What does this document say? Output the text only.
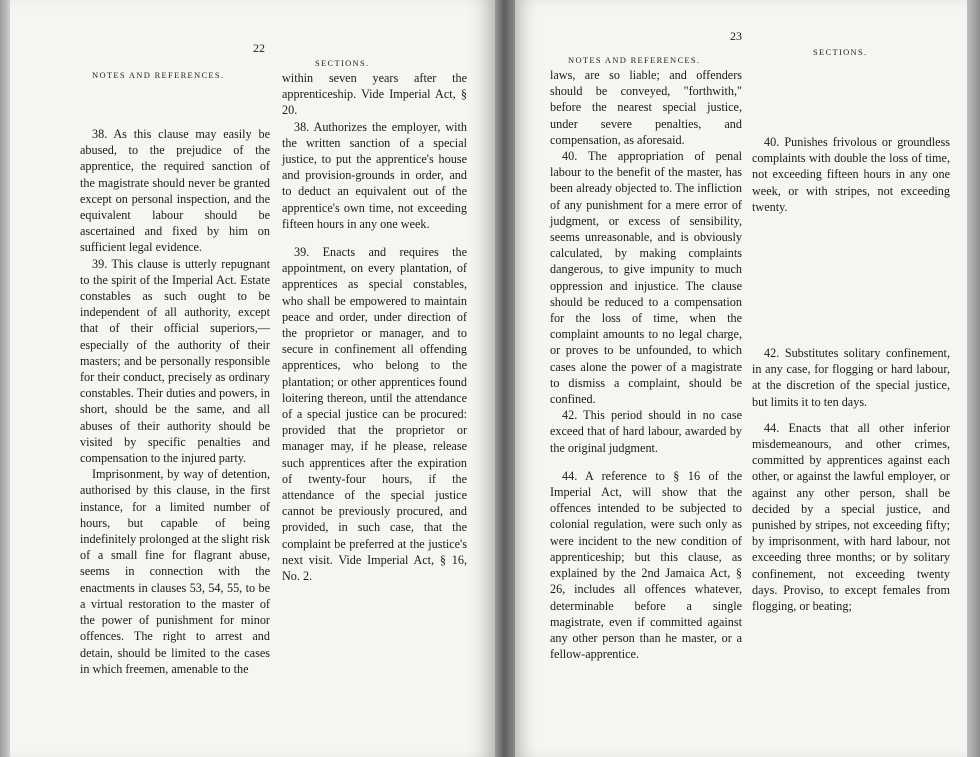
22
NOTES AND REFERENCES.
SECTIONS.

38. As this clause may easily be abused, to the prejudice of the apprentice, the required sanction of the magistrate should never be granted except on personal inspection, and the equivalent labour should be ascertained and fixed by him on sufficient legal evidence.

39. This clause is utterly repugnant to the spirit of the Imperial Act. Estate constables as such ought to be independent of all authority, except that of their official superiors,—especially of the authority of their masters; and be personally responsible for their conduct, precisely as ordinary constables. Their duties and powers, in short, should be the same, and all abuses of their authority should be visited by specific penalties and compensation to the injured party.

Imprisonment, by way of detention, authorised by this clause, in the first instance, for a limited number of hours, but capable of being indefinitely prolonged at the slight risk of a small fine for flagrant abuse, seems in connection with the enactments in clauses 53, 54, 55, to be a virtual restoration to the master of the power of punishment for minor offences. The right to arrest and detain, should be limited to the cases in which freemen, amenable to the

within seven years after the apprenticeship. Vide Imperial Act, § 20.

38. Authorizes the employer, with the written sanction of a special justice, to put the apprentice's house and provision-grounds in order, and to deduct an equivalent out of the apprentice's own time, not exceeding fifteen hours in any one week.

39. Enacts and requires the appointment, on every plantation, of apprentices as special constables, who shall be empowered to maintain peace and order, under direction of the proprietor or manager, and to secure in confinement all offending apprentices, who belong to the plantation; or other apprentices found loitering thereon, until the attendance of a special justice can be procured: provided that the proprietor or manager may, if he please, release such apprentices after the expiration of twenty-four hours, if the attendance of the special justice cannot be previously procured, and provided, in such case, that the complaint be preferred at the justice's next visit. Vide Imperial Act, § 16, No. 2.

23
NOTES AND REFERENCES.
SECTIONS.

laws, are so liable; and offenders should be conveyed, "forthwith," before the nearest special justice, under severe penalties, and compensation, as aforesaid.

40. The appropriation of penal labour to the benefit of the master, has been already objected to. The infliction of any punishment for a mere error of judgment, or excess of sensibility, seems unreasonable, and is obviously calculated, by making complaints dangerous, to give impunity to much oppression and injustice. The clause should be reduced to a compensation for the loss of time, when the complaint amounts to no legal charge, or proves to be unfounded, to which cases alone the power of a magistrate to dismiss a complaint, should be confined.

42. This period should in no case exceed that of hard labour, awarded by the original judgment.

44. A reference to § 16 of the Imperial Act, will show that the offences intended to be subjected to colonial regulation, were such only as were incident to the new condition of apprenticeship; but this clause, as explained by the 2nd Jamaica Act, § 26, includes all offences whatever, determinable before a single magistrate, even if committed against any other person than he master, or a fellow-apprentice.

40. Punishes frivolous or groundless complaints with double the loss of time, not exceeding fifteen hours in any one week, or with stripes, not exceeding twenty.

42. Substitutes solitary confinement, in any case, for flogging or hard labour, at the discretion of the special justice, but limits it to ten days.

44. Enacts that all other inferior misdemeanours, and other crimes, committed by apprentices against each other, or against the lawful employer, or against any other person, shall be decided by a special justice, and punished by stripes, not exceeding fifty; by imprisonment, with hard labour, not exceeding three months; or by solitary confinement, not exceeding twenty days. Proviso, to except females from flogging, or beating;
